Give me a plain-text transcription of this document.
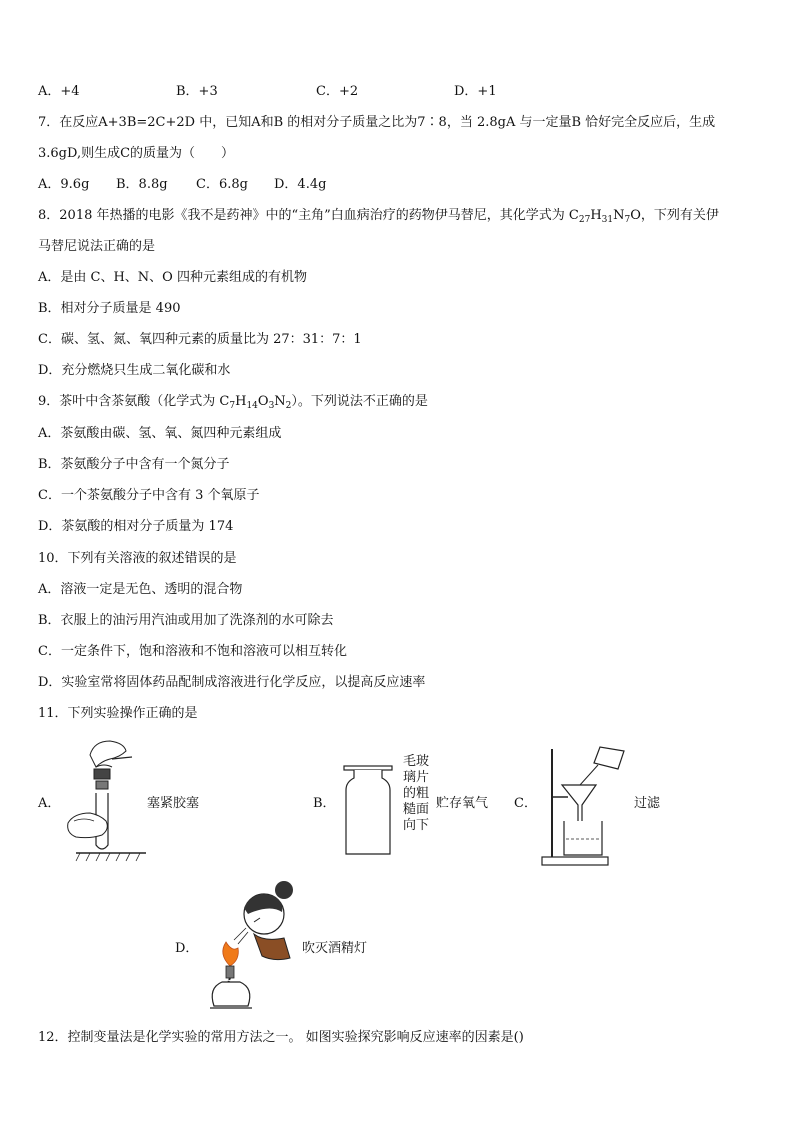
A．+4	B．+3	C．+2	D．+1
7．在反应A+3B=2C+2D 中，已知A和B 的相对分子质量之比为7∶8，当 2.8gA 与一定量B 恰好完全反应后，生成
3.6gD,则生成C的质量为（　　）
A．9.6g B．8.8g C．6.8g D．4.4g
8．2018 年热播的电影《我不是药神》中的“主角”白血病治疗的药物伊马替尼，其化学式为 $C_{27}H_{31}N_7O$，下列有关伊
马替尼说法正确的是
A．是由 C、H、N、O 四种元素组成的有机物
B．相对分子质量是 490
C．碳、氢、氮、氧四种元素的质量比为 27：31：7：1
D．充分燃烧只生成二氧化碳和水
9．茶叶中含茶氨酸（化学式为 $C_7H_{14}O_3N_2$）。下列说法不正确的是
A．茶氨酸由碳、氢、氧、氮四种元素组成
B．茶氨酸分子中含有一个氮分子
C．一个茶氨酸分子中含有 3 个氧原子
D．茶氨酸的相对分子质量为 174
10．下列有关溶液的叙述错误的是
A．溶液一定是无色、透明的混合物
B．衣服上的油污用汽油或用加了洗涤剂的水可除去
C．一定条件下，饱和溶液和不饱和溶液可以相互转化
D．实验室常将固体药品配制成溶液进行化学反应，以提高反应速率
11．下列实验操作正确的是
A．	塞紧胶塞	B．
毛玻璃片的粗糙面向下
贮存氧气 C．	过滤
D．	吹灭酒精灯
12．控制变量法是化学实验的常用方法之一。 如图实验探究影响反应速率的因素是()
